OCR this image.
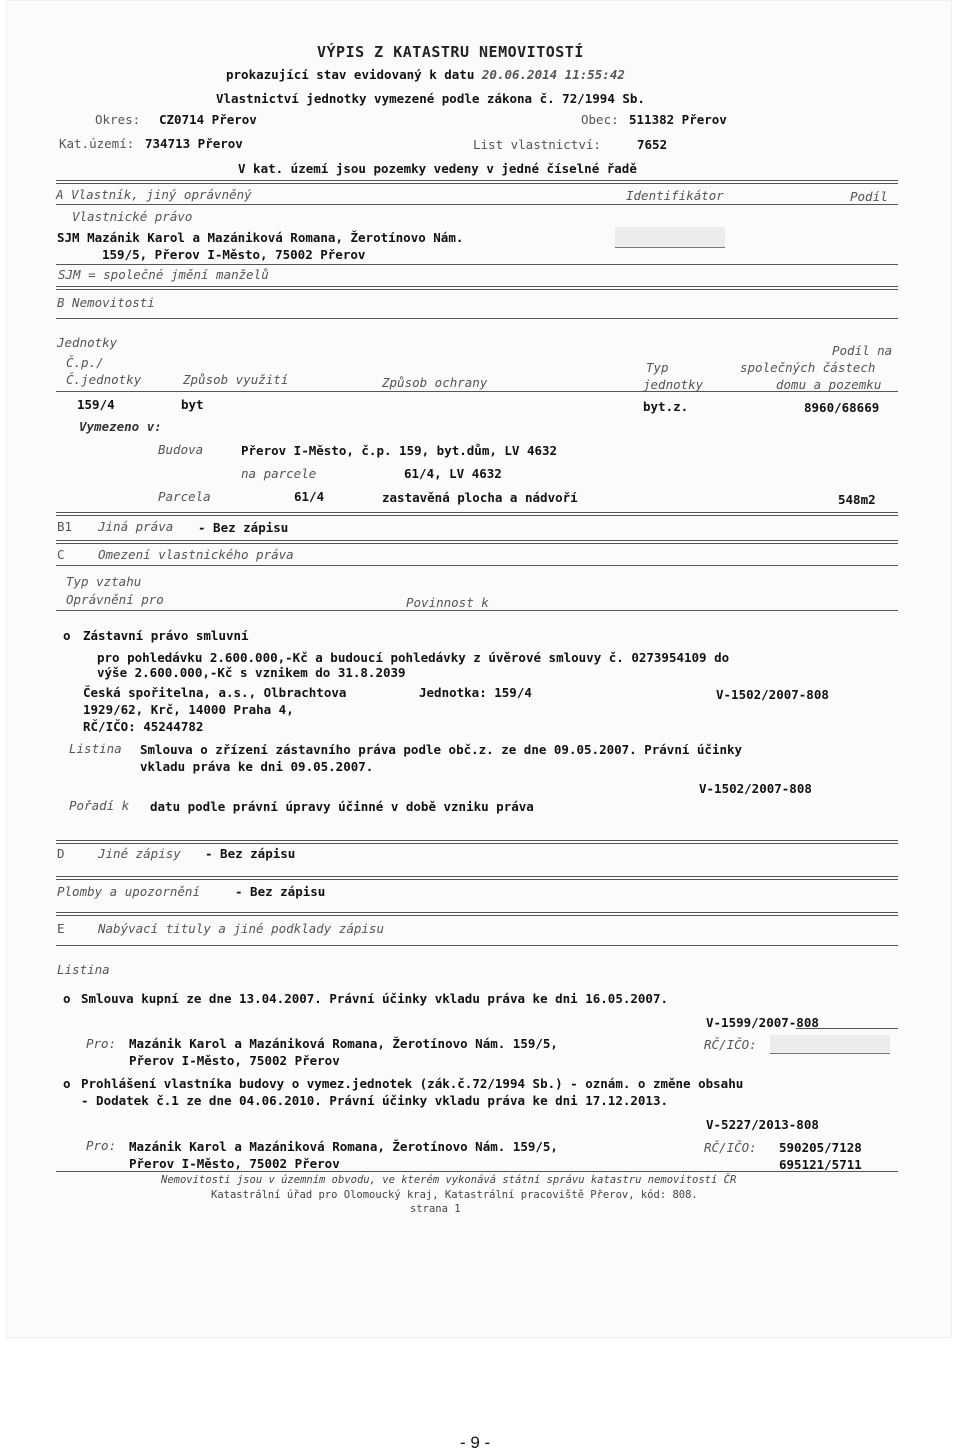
VÝPIS Z KATASTRU NEMOVITOSTÍ
prokazující stav evidovaný k datu 20.06.2014 11:55:42
Vlastnictví jednotky vymezené podle zákona č. 72/1994 Sb.
Okres: CZ0714 Přerov	Obec: 511382 Přerov
Kat.území: 734713 Přerov	List vlastnictví:	7652
V kat. území jsou pozemky vedeny v jedné číselné řadě
A Vlastník, jiný oprávněný	Identifikátor	Podíl
Vlastnické právo
SJM Mazánik Karol a Mazániková Romana, Žerotínovo Nám.
159/5, Přerov I-Město, 75002 Přerov
SJM = společné jmění manželů
B Nemovitosti
Jednotky
Č.p./
Č.jednotky	Způsob využití	Způsob ochrany
Typ
jednotky
Podíl na
společných částech
domu a pozemku
159/4	byt	byt.z.	8960/68669
Vymezeno v:
Budova	Přerov I-Město, č.p. 159, byt.dům, LV 4632
na parcele	61/4, LV 4632
Parcela	61/4	zastavěná plocha a nádvoří	548m2
B1 Jiná práva - Bez zápisu
C	Omezení vlastnického práva
Typ vztahu
Oprávnění pro	Povinnost k
o Zástavní právo smluvní
pro pohledávku 2.600.000,-Kč a budoucí pohledávky z úvěrové smlouvy č. 0273954109 do
výše 2.600.000,-Kč s vznikem do 31.8.2039
Česká spořitelna, a.s., Olbrachtova	Jednotka: 159/4	V-1502/2007-808
1929/62, Krč, 14000 Praha 4,
RČ/IČO: 45244782
Listina Smlouva o zřízení zástavního práva podle obč.z. ze dne 09.05.2007. Právní účinky
vkladu práva ke dni 09.05.2007.
V-1502/2007-808
Pořadí k datu podle právní úpravy účinné v době vzniku práva
D	Jiné zápisy - Bez zápisu
Plomby a upozornění	- Bez zápisu
E	Nabývací tituly a jiné podklady zápisu
Listina
o Smlouva kupní ze dne 13.04.2007. Právní účinky vkladu práva ke dni 16.05.2007.
V-1599/2007-808
Pro: Mazánik Karol a Mazániková Romana, Žerotínovo Nám. 159/5,
Přerov I-Město, 75002 Přerov
RČ/IČO:
o Prohlášení vlastníka budovy o vymez.jednotek (zák.č.72/1994 Sb.) - oznám. o změne obsahu
- Dodatek č.1 ze dne 04.06.2010. Právní účinky vkladu práva ke dni 17.12.2013.
V-5227/2013-808
Pro: Mazánik Karol a Mazániková Romana, Žerotínovo Nám. 159/5,
Přerov I-Město, 75002 Přerov
RČ/IČO: 590205/7128
695121/5711
Nemovitosti jsou v územním obvodu, ve kterém vykonává státní správu katastru nemovitostí ČR
Katastrální úřad pro Olomoucký kraj, Katastrální pracoviště Přerov, kód: 808.
strana 1
- 9 -
